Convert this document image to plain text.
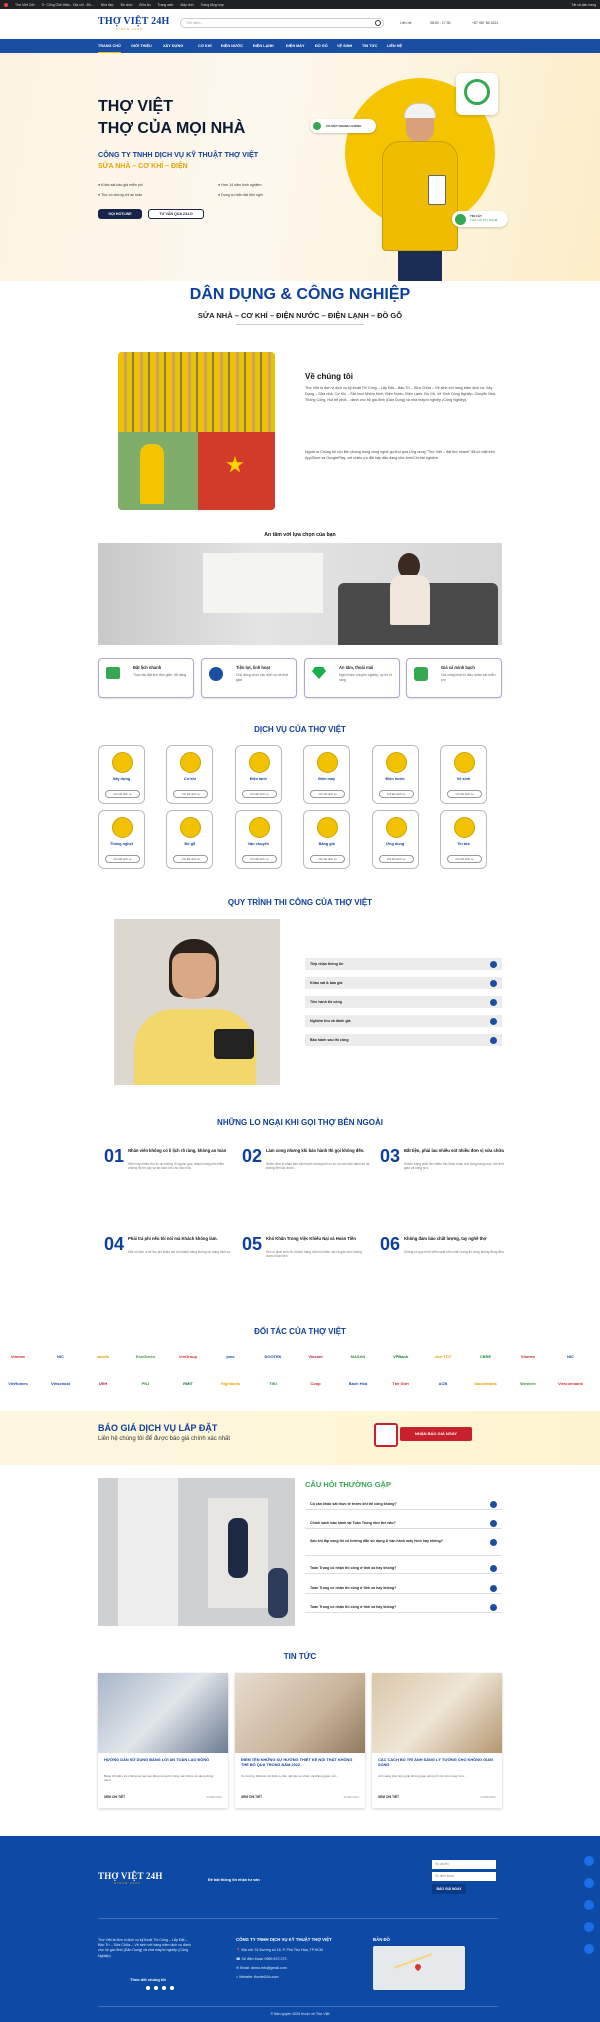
Thợ Việt 24h Tr: Cổng Giới thiệu - Địa chỉ - Đồ... Nhà đẹp Đồ chơi Bữa ăn Trang web Máy tính Trang tổng hợp	Tất cả dấu trang
THỢ VIỆT 24H
SINCE 2009
Tìm kiếm...	Liên hệ	08:00 - 17:30	+87 987 65 4321
TRANG CHỦ	GIỚI THIỆU	XÂY DỰNG	CƠ KHÍ ĐIỆN NƯỚC	ĐIỆN LẠNH	ĐIỆN MÁY	ĐỒ GỖ VỆ SINH	TIN TỨC	LIÊN HỆ
THỢ VIỆT
THỢ CỦA MỌI NHÀ
CÔNG TY TNHH DỊCH VỤ KỸ THUẬT THỢ VIỆT
SỬA NHÀ – CƠ KHÍ – ĐIỆN
● Khảo sát báo giá miễn phí	● Hơn 14 năm kinh nghiệm
● Thợ có chứng chỉ an toàn	● Dụng cụ hiện đại tiện nghi
GỌI HOTLINE	TƯ VẤN QUA ZALO
CÓ MẶT NHANH CHÓNG
TIN CẬY
THỢ CÓ TAY NGHỀ
DÂN DỤNG & CÔNG NGHIỆP
SỬA NHÀ – CƠ KHÍ – ĐIỆN NƯỚC – ĐIỆN LẠNH – ĐỒ GỖ
Về chúng tôi
Thợ Việt là đơn vị dịch vụ kỹ thuật Thi Công – Lắp Đặt – Bảo Trì – Sửa Chữa – Vệ sinh với hàng trăm dịch vụ: Xây Dựng – Sửa nhà, Cơ Khí – Sắt Inox Nhôm Kính, Điện Nước, Điện Lạnh, Đồ Gỗ, Vệ Sinh Công Nghiệp, Chuyển Nhà, Thông Cống, Hút bể phốt... dành cho hộ gia đình (Dân Dụng) và nhà máy/xí nghiệp (Công Nghiệp).
Ngoài ra Chúng tôi còn liên phong trong công nghệ gọi thợ qua Ứng dụng "Thợ Việt – đặt thợ nhanh" đã có mặt trên AppStore và GooglePlay, với nhiều ưu đãi hấp dẫn đang chờ Anh/Chị trải nghiệm.
An tâm với lựa chọn của bạn
Đặt lịch nhanh
Thao tác đặt lịch đơn giản, dễ dàng
Tiện lợi, linh hoạt
Chủ động chọn các dịch vụ và thời gian
An tâm, thoải mái
Người làm chuyên nghiệp, uy tín rõ ràng
Giá cả minh bạch
Giá công khai từ đầu, khảo sát miễn phí
DỊCH VỤ CỦA THỢ VIỆT
Xây dựng
Chi tiết dịch vụ
Cơ khí
Chi tiết dịch vụ
Điện lạnh
Chi tiết dịch vụ
Điện máy
Chi tiết dịch vụ
Điện nước
Chi tiết dịch vụ
Vệ sinh
Chi tiết dịch vụ
Thông nghẹt
Chi tiết dịch vụ
Đồ gỗ
Chi tiết dịch vụ
Vận chuyển
Chi tiết dịch vụ
Bảng giá
Chi tiết dịch vụ
Ứng dụng
Chi tiết dịch vụ
Tin tức
Chi tiết dịch vụ
QUY TRÌNH THI CÔNG CỦA THỢ VIỆT
Tiếp nhận thông tin
Khảo sát & báo giá
Tiến hành thi công
Nghiệm thu và đánh giá
Bảo hành sau thi công
NHỮNG LO NGẠI KHI GỌI THỢ BÊN NGOÀI
01 Nhân viên không có lí lịch rõ ràng, không an toàn
Hiện nay nhiều thợ tự do không rõ nguồn gốc, khách hàng khó kiểm chứng độ tin cậy và an toàn khi cho vào nhà.
02 Làm xong nhưng khi bảo hành thì gọi không đến.
Nhiều đơn vị nhận làm rất nhanh nhưng khi có sự cố cần bảo hành thì lại không liên lạc được.
03 Bắt tiện, phải lau nhiều sót nhiều đơn vị sửa chữa
Khách hàng phải tìm nhiều thợ khác nhau cho từng hạng mục, tốn thời gian và công sức.
04 Phải trả phí nếu tôi nói mà Khách không làm.
Một số đơn vị sẽ thu phí khảo sát dù khách hàng không sử dụng dịch vụ. 05 Khó Khăn Trong Việc Khiếu Nại và Hoàn Tiền
Khi có phát sinh lỗi, khách hàng rất khó khiếu nại và gần như không được hoàn tiền.
06 Không đảm bảo chất lượng, tay nghề thợ
Không có quy trình kiểm soát nên chất lượng thi công không đồng đều.
ĐỐI TÁC CỦA THỢ VIỆT
Vinmec	NIC	savills	EcoGreen	VinGroup	pmc	DOOTEK	Vincom	MASAN	VPBank	chợ TỐT	CBRE	Vinmec	NIC
VinHomes	Vinschool	UEH	PNJ	RMIT	Highlands	TIKI	Coop	Bách Hóa	Thế Giới	ACB	Sacombank	Western	Vietcombank
BÁO GIÁ DỊCH VỤ LẮP ĐẶT
Liên hệ chúng tôi để được báo giá chính xác nhất
NHẬN BÁO GIÁ NGAY
CÂU HỎI THƯỜNG GẶP
Có cần khảo sát thực tế trước khi thi công không?
Chính sách bảo hành tại Toàn Trung như thế nào?
Sau khi lắp xong thì có hướng dẫn sử dụng & vận hành máy hình hay không?
Toàn Trung có nhận thi công ở tỉnh xa hay không?
Toàn Trung có nhận thi công ở tỉnh xa hay không?
Toàn Trung có nhận thi công ở tỉnh xa hay không?
TIN TỨC
HƯỚNG DẪN SỬ DỤNG BẢNG LỚI AN TOÀN LAO ĐỘNG
Bảng lỡi kiểm tra chống tai nạn lao động trong thi công nên được sử dụng đúng cách...
XEM CHI TIẾT	04/08/2022
ĐIỂM TÊN NHỮNG SỰ HƯỚNG THIẾT KẾ NỘI THẤT KHÔNG THỂ BỎ QUA TRONG NĂM 2022
Xu hướng thiết kế nội thất ưu tiên vật liệu tự nhiên và không gian mở...
XEM CHI TIẾT	22/06/2022
CÁC CÁCH BỐ TRÍ ÁNH SÁNG LÝ TƯỞNG CHO KHÔNG GIAN SỐNG
Ánh sáng phù hợp giúp không gian sống trở nên ấm cúng hơn...
XEM CHI TIẾT	23/06/2022
THỢ VIỆT 24H
SINCE 2009
Đề bật thông tin nhận tư vấn
Họ và tên
Số điện thoại
BÁO GIÁ NGAY
Thợ Việt là đơn vị dịch vụ kỹ thuật Thi Công – Lắp Đặt – Bảo Trì – Sửa Chữa – Vệ sinh với hàng trăm dịch vụ dành cho hộ gia đình (Dân Dụng) và nhà máy/xí nghiệp (Công Nghiệp).
Theo dõi chúng tôi
CÔNG TY TNHH DỊCH VỤ KỸ THUẬT THỢ VIỆT
📍 Địa chỉ: 31 Đường số 18, P. Phú Thọ Hòa, TP.HCM
☎ Số điện thoại: 0989 872 073
✉ Email: demo.info@gmail.com
⌂ Website: thoviet24h.com
BẢN ĐỒ
© Bản quyền 2025 thuộc về Thợ Việt
